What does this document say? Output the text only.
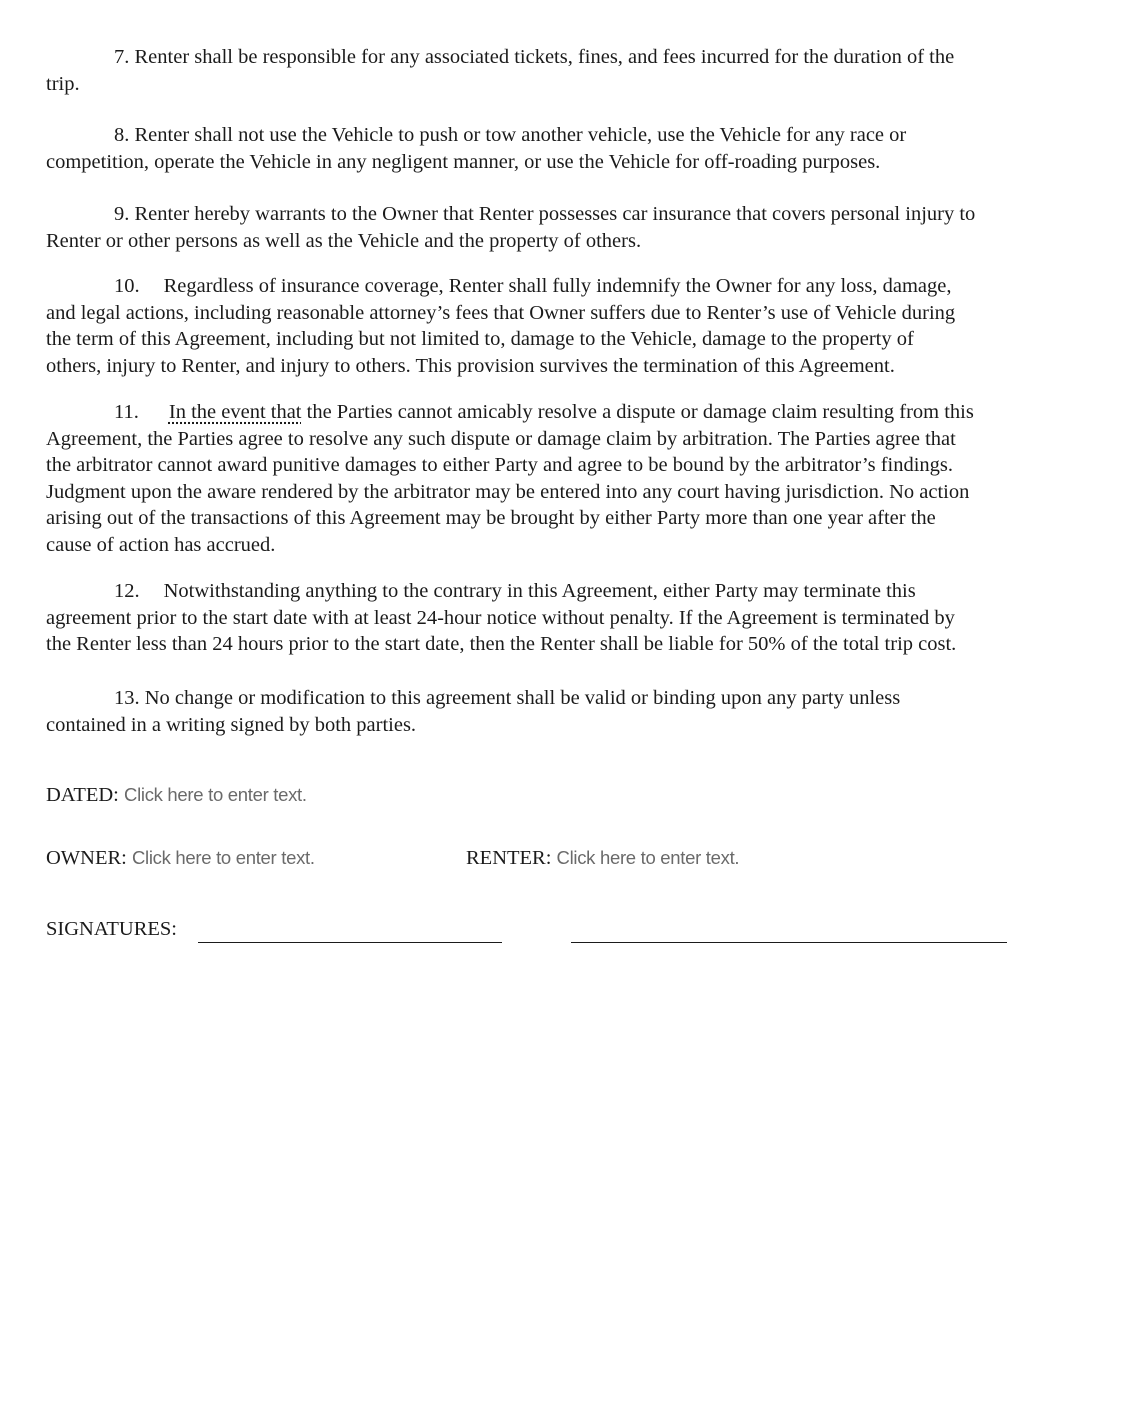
7. Renter shall be responsible for any associated tickets, fines, and fees incurred for the duration of the
trip.

8. Renter shall not use the Vehicle to push or tow another vehicle, use the Vehicle for any race or
competition, operate the Vehicle in any negligent manner, or use the Vehicle for off-roading purposes.

9. Renter hereby warrants to the Owner that Renter possesses car insurance that covers personal injury to
Renter or other persons as well as the Vehicle and the property of others.

10. Regardless of insurance coverage, Renter shall fully indemnify the Owner for any loss, damage,
and legal actions, including reasonable attorney’s fees that Owner suffers due to Renter’s use of Vehicle during
the term of this Agreement, including but not limited to, damage to the Vehicle, damage to the property of
others, injury to Renter, and injury to others. This provision survives the termination of this Agreement.

11. In the event that the Parties cannot amicably resolve a dispute or damage claim resulting from this
Agreement, the Parties agree to resolve any such dispute or damage claim by arbitration. The Parties agree that
the arbitrator cannot award punitive damages to either Party and agree to be bound by the arbitrator’s findings.
Judgment upon the aware rendered by the arbitrator may be entered into any court having jurisdiction. No action
arising out of the transactions of this Agreement may be brought by either Party more than one year after the
cause of action has accrued.

12. Notwithstanding anything to the contrary in this Agreement, either Party may terminate this
agreement prior to the start date with at least 24-hour notice without penalty. If the Agreement is terminated by
the Renter less than 24 hours prior to the start date, then the Renter shall be liable for 50% of the total trip cost.

13. No change or modification to this agreement shall be valid or binding upon any party unless
contained in a writing signed by both parties.

DATED: Click here to enter text.
OWNER: Click here to enter text.	RENTER: Click here to enter text.
SIGNATURES:
